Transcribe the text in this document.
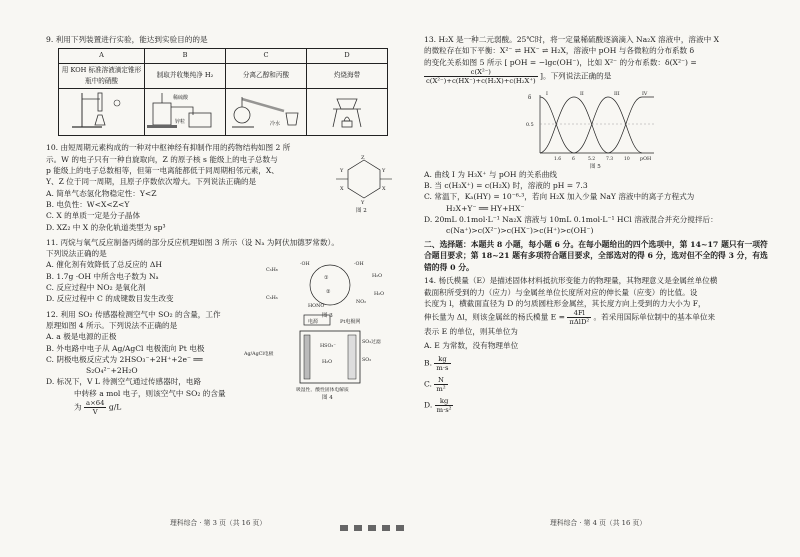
9. 利用下列装置进行实验，能达到实验目的的是

A	B	C	D
用 KOH 标准溶液滴定锥形瓶中的硝酸	制取并收集纯净 H₂	分离乙醇和丙酸	灼烧海带

稀硫酸
锌粒	冷水

10. 由短周期元素构成的一种对中枢神经有抑制作用的药物结构如图 2 所

示。W 的电子只有一种自旋取向，Z 的原子核 s 能级上的电子总数与

p 能级上的电子总数相等，但第一电离能都低于同周期相邻元素，X、

Y、Z 位于同一周期，且原子序数依次增大。下列说法正确的是

A. 简单气态氢化物稳定性：Y<Z

B. 电负性：W<X<Z<Y

C. X 的单质一定是分子晶体

D. XZ₂ 中 X 的杂化轨道类型为 sp³

Z
Y
X
Y
X
Y
图 2

11. 丙烷与氧气反应制备丙烯的部分反应机理如图 3 所示（设 Nₐ 为阿伏加德罗常数）。

下列说法正确的是

A. 催化剂有效降低了总反应的 ΔH

B. 1.7g ·OH 中所含电子数为 Nₐ

C. 反应过程中 NO₂ 是氧化剂

D. 反应过程中 C 的成键数目发生改变

①
②
C₃H₈
·OH	·OH
H₂O
C₃H₆
HONO
NO₂
H₂O
图 3

12. 利用 SO₂ 传感器检测空气中 SO₂ 的含量，工作

原理如图 4 所示。下列说法不正确的是

A. a 极是电源的正极

B. 外电路中电子从 Ag/AgCl 电极流向 Pt 电极

C. 阴极电极反应式为 2HSO₃⁻+2H⁺+2e⁻ ══

S₂O₄²⁻+2H₂O

D. 标况下，V L 待测空气通过传感器时，电路

中转移 a mol 电子，则该空气中 SO₂ 的含量

为 $\frac{a\times 64}{V} g/L$

电源	Pt电极网
Ag/AgCl电极
HSO₃⁻
H₂O
SO₂过滤
SO₂
吸湿性、酸性固体电解质
图 4

13. H₂X 是一种二元弱酸。25℃时，将一定量稀硫酸逐滴滴入 Na₂X 溶液中，溶液中 X

的微粒存在如下平衡：X²⁻ ⇌ HX⁻ ⇌ H₂X，溶液中 pOH 与各微粒的分布系数 δ

的变化关系如图 5 所示 [ pOH = −lgc(OH⁻)，比如 X²⁻ 的分布系数：δ(X²⁻) =

$\frac{\text{c(X²⁻)}}{\text{c(X²⁻)+c(HX⁻)+c(H₂X)+c(H₂X⁺)}}$ ]。下列说法正确的是

δ
0.5
I	II	III	IV
1.6 6	5.2 7.3 10 pOH
图 5

A. 曲线 I 为 H₃X⁺ 与 pOH 的关系曲线

B. 当 c(H₃X⁺) = c(H₂X) 时，溶液的 pH = 7.3

C. 常温下，Kₐ(HY) = 10⁻⁶·³，若向 H₂X 加入少量 NaY 溶液中的离子方程式为

H₂X+Y⁻ ══ HY+HX⁻

D. 20mL 0.1mol·L⁻¹ Na₂X 溶液与 10mL 0.1mol·L⁻¹ HCl 溶液混合并充分搅拌后：

c(Na⁺)>c(X²⁻)>c(HX⁻)>c(H⁺)>c(OH⁻)

二、选择题：本题共 8 小题，每小题 6 分。在每小题给出的四个选项中，第 14~17 题只有一项符合题目要求；第 18~21 题有多项符合题目要求，全部选对的得 6 分，选对但不全的得 3 分，有选错的得 0 分。

14. 杨氏模量（E）是描述固体材料抵抗形变能力的物理量，其物理意义是金属丝单位横

截面积所受到的力（应力）与金属丝单位长度所对应的伸长量（应变）的比值。设

长度为 l，横截面直径为 D 的匀质圆柱形金属丝，其长度方向上受到的力大小为 F，

伸长量为 Δl，则该金属丝的杨氏模量 $E = \frac{4Fl}{\text{πΔlD²}}$ 。若采用国际单位制中的基本单位来

表示 E 的单位，则其单位为

A. E 为常数，没有物理单位

B. $\frac{kg}{m\cdot s}$

C. $\frac{N}{\text{m²}}$

D. $\frac{kg}{\text{m·s²}}$

理科综合 · 第 3 页（共 16 页）	理科综合 · 第 4 页（共 16 页）
